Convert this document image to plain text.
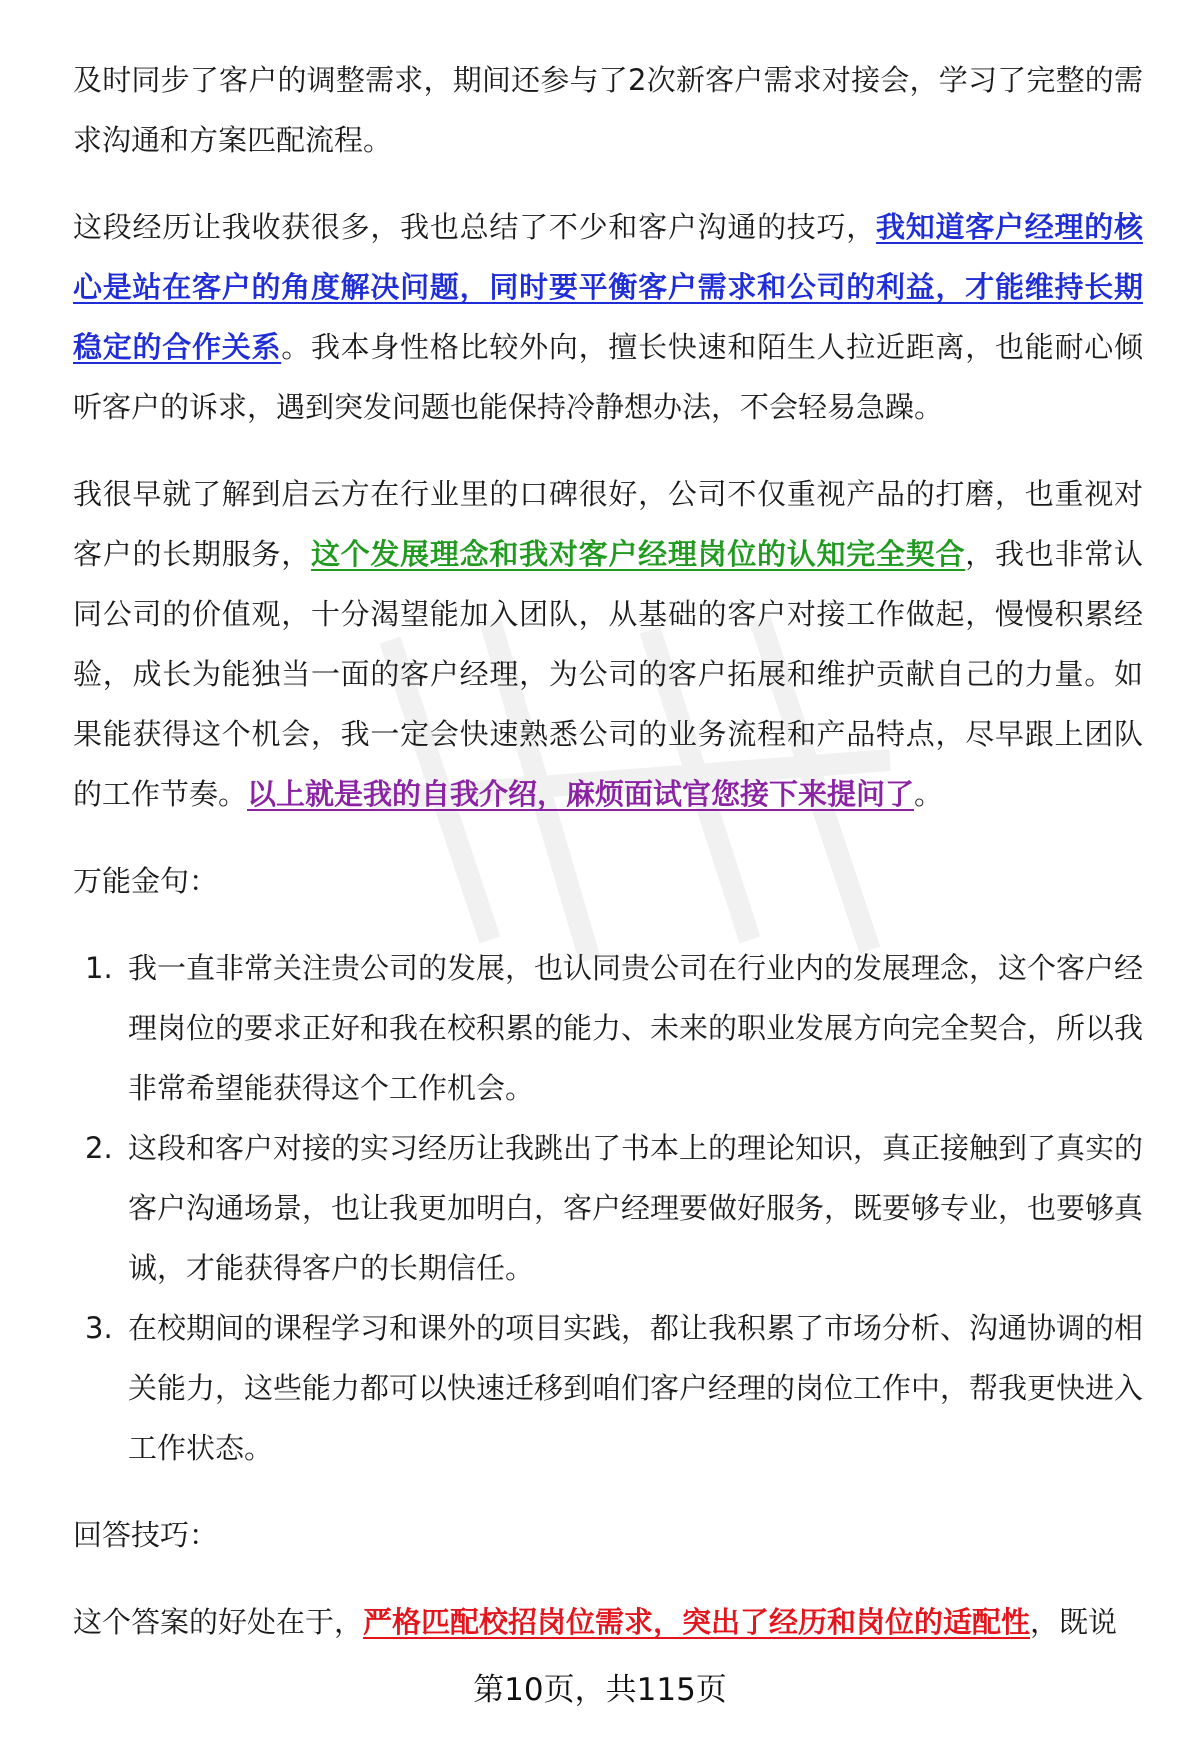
及时同步了客户的调整需求，期间还参与了2次新客户需求对接会，学习了完整的需求沟通和方案匹配流程。

这段经历让我收获很多，我也总结了不少和客户沟通的技巧，我知道客户经理的核心是站在客户的角度解决问题，同时要平衡客户需求和公司的利益，才能维持长期稳定的合作关系。我本身性格比较外向，擅长快速和陌生人拉近距离，也能耐心倾听客户的诉求，遇到突发问题也能保持冷静想办法，不会轻易急躁。

我很早就了解到启云方在行业里的口碑很好，公司不仅重视产品的打磨，也重视对客户的长期服务，这个发展理念和我对客户经理岗位的认知完全契合，我也非常认同公司的价值观，十分渴望能加入团队，从基础的客户对接工作做起，慢慢积累经验，成长为能独当一面的客户经理，为公司的客户拓展和维护贡献自己的力量。如果能获得这个机会，我一定会快速熟悉公司的业务流程和产品特点，尽早跟上团队的工作节奏。以上就是我的自我介绍，麻烦面试官您接下来提问了。

万能金句：

1. 我一直非常关注贵公司的发展，也认同贵公司在行业内的发展理念，这个客户经理岗位的要求正好和我在校积累的能力、未来的职业发展方向完全契合，所以我非常希望能获得这个工作机会。
2. 这段和客户对接的实习经历让我跳出了书本上的理论知识，真正接触到了真实的客户沟通场景，也让我更加明白，客户经理要做好服务，既要够专业，也要够真诚，才能获得客户的长期信任。
3. 在校期间的课程学习和课外的项目实践，都让我积累了市场分析、沟通协调的相关能力，这些能力都可以快速迁移到咱们客户经理的岗位工作中，帮我更快进入工作状态。

回答技巧：

这个答案的好处在于，严格匹配校招岗位需求，突出了经历和岗位的适配性，既说

第10页，共115页
